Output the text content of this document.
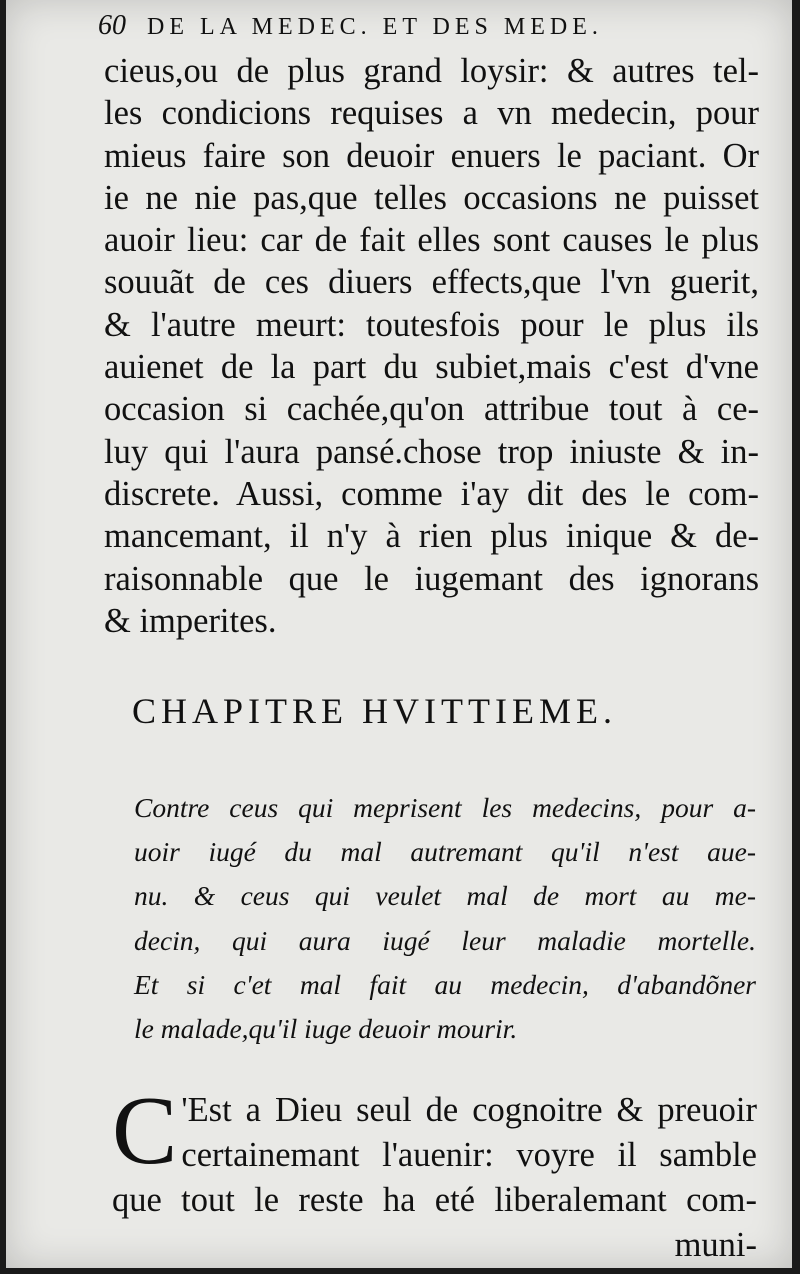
60 DE LA MEDEC. ET DES MEDE.
cieus,ou de plus grand loysir: & autres tel-
les condicions requises a vn medecin, pour
mieus faire son deuoir enuers le paciant. Or
ie ne nie pas,que telles occasions ne puisset
auoir lieu: car de fait elles sont causes le plus
souuãt de ces diuers effects,que l'vn guerit,
& l'autre meurt: toutesfois pour le plus ils
auienet de la part du subiet,mais c'est d'vne
occasion si cachée,qu'on attribue tout à ce-
luy qui l'aura pansé.chose trop iniuste & in-
discrete. Aussi, comme i'ay dit des le com-
mancemant, il n'y à rien plus inique & de-
raisonnable que le iugemant des ignorans
& imperites.
CHAPITRE HVITTIEME.
Contre ceus qui meprisent les medecins, pour a-
uoir iugé du mal autremant qu'il n'est aue-
nu. & ceus qui veulet mal de mort au me-
decin, qui aura iugé leur maladie mortelle.
Et si c'et mal fait au medecin, d'abandõner
le malade,qu'il iuge deuoir mourir.
C 'Est a Dieu seul de cognoitre & preuoir
certainemant l'auenir: voyre il samble
que tout le reste ha eté liberalemant com-
muni-
